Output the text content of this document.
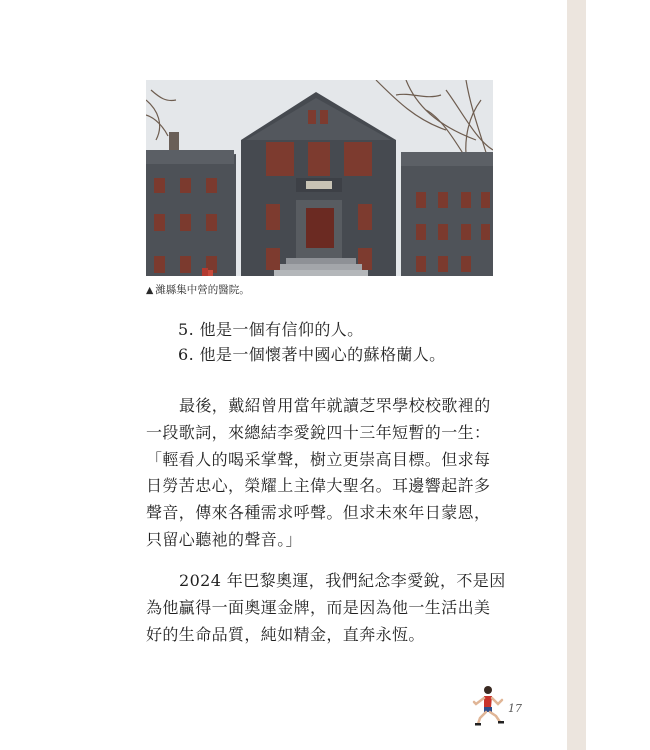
▲ 濰縣集中營的醫院。
5. 他是一個有信仰的人。
6. 他是一個懷著中國心的蘇格蘭人。
最後，戴紹曾用當年就讀芝罘學校校歌裡的
一段歌詞，來總結李愛銳四十三年短暫的一生：
「輕看人的喝采掌聲，樹立更崇高目標。但求每
日勞苦忠心，榮耀上主偉大聖名。耳邊響起許多
聲音，傳來各種需求呼聲。但求未來年日蒙恩，
只留心聽祂的聲音。」
2024 年巴黎奧運，我們紀念李愛銳，不是因
為他贏得一面奧運金牌，而是因為他一生活出美
好的生命品質，純如精金，直奔永恆。
17
